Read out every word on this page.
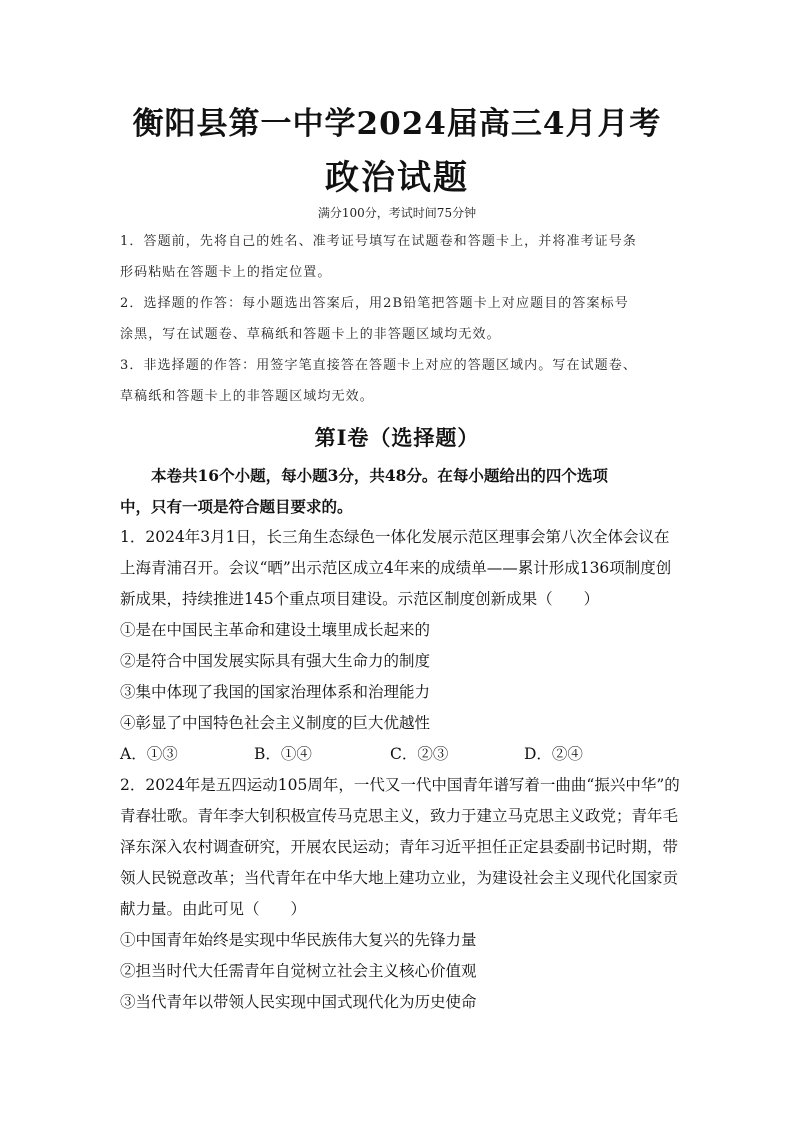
衡阳县第一中学2024届高三4月月考
政治试题
满分100分，考试时间75分钟

1．答题前，先将自己的姓名、准考证号填写在试题卷和答题卡上，并将准考证号条

形码粘贴在答题卡上的指定位置。

2．选择题的作答：每小题选出答案后，用2B铅笔把答题卡上对应题目的答案标号

涂黑，写在试题卷、草稿纸和答题卡上的非答题区域均无效。

3．非选择题的作答：用签字笔直接答在答题卡上对应的答题区域内。写在试题卷、

草稿纸和答题卡上的非答题区域均无效。

第Ⅰ卷（选择题）

本卷共16个小题，每小题3分，共48分。在每小题给出的四个选项

中，只有一项是符合题目要求的。

1．2024年3月1日，长三角生态绿色一体化发展示范区理事会第八次全体会议在

上海青浦召开。会议“晒”出示范区成立4年来的成绩单——累计形成136项制度创

新成果，持续推进145个重点项目建设。示范区制度创新成果（　　）

①是在中国民主革命和建设土壤里成长起来的

②是符合中国发展实际具有强大生命力的制度

③集中体现了我国的国家治理体系和治理能力

④彰显了中国特色社会主义制度的巨大优越性

A．①③	B．①④	C．②③	D．②④

2．2024年是五四运动105周年，一代又一代中国青年谱写着一曲曲“振兴中华”的

青春壮歌。青年李大钊积极宣传马克思主义，致力于建立马克思主义政党；青年毛

泽东深入农村调查研究，开展农民运动；青年习近平担任正定县委副书记时期，带

领人民锐意改革；当代青年在中华大地上建功立业，为建设社会主义现代化国家贡

献力量。由此可见（　　）

①中国青年始终是实现中华民族伟大复兴的先锋力量

②担当时代大任需青年自觉树立社会主义核心价值观

③当代青年以带领人民实现中国式现代化为历史使命
